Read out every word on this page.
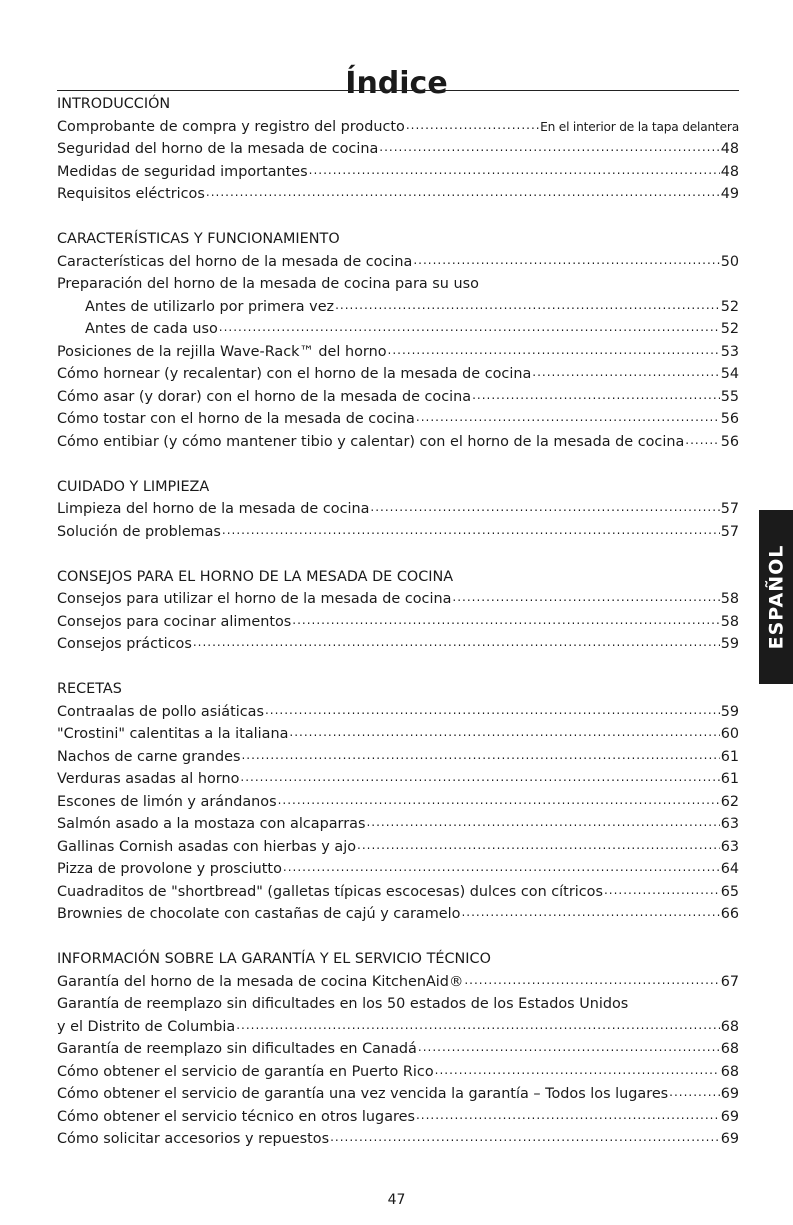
Índice
INTRODUCCIÓN
Comprobante de compra y registro del producto .....	En el interior de la tapa delantera
Seguridad del horno de la mesada de cocina .....	48
Medidas de seguridad importantes .....	48
Requisitos eléctricos .....	49
CARACTERÍSTICAS Y FUNCIONAMIENTO
Características del horno de la mesada de cocina .....	50
Preparación del horno de la mesada de cocina para su uso
Antes de utilizarlo por primera vez .....	52
Antes de cada uso .....	52
Posiciones de la rejilla Wave-Rack™ del horno .....	53
Cómo hornear (y recalentar) con el horno de la mesada de cocina .....	54
Cómo asar (y dorar) con el horno de la mesada de cocina .....	55
Cómo tostar con el horno de la mesada de cocina .....	56
Cómo entibiar (y cómo mantener tibio y calentar) con el horno de la mesada de cocina .....	56
CUIDADO Y LIMPIEZA
Limpieza del horno de la mesada de cocina .....	57
Solución de problemas .....	57
CONSEJOS PARA EL HORNO DE LA MESADA DE COCINA
Consejos para utilizar el horno de la mesada de cocina .....	58
Consejos para cocinar alimentos .....	58
Consejos prácticos .....	59
RECETAS
Contraalas de pollo asiáticas .....	59
"Crostini" calentitas a la italiana .....	60
Nachos de carne grandes .....	61
Verduras asadas al horno .....	61
Escones de limón y arándanos .....	62
Salmón asado a la mostaza con alcaparras .....	63
Gallinas Cornish asadas con hierbas y ajo .....	63
Pizza de provolone y prosciutto .....	64
Cuadraditos de "shortbread" (galletas típicas escocesas) dulces con cítricos .....	65
Brownies de chocolate con castañas de cajú y caramelo .....	66
INFORMACIÓN SOBRE LA GARANTÍA Y EL SERVICIO TÉCNICO
Garantía del horno de la mesada de cocina KitchenAid® .....	67
Garantía de reemplazo sin dificultades en los 50 estados de los Estados Unidos
y el Distrito de Columbia .....	68
Garantía de reemplazo sin dificultades en Canadá .....	68
Cómo obtener el servicio de garantía en Puerto Rico .....	68
Cómo obtener el servicio de garantía una vez vencida la garantía – Todos los lugares .....	69
Cómo obtener el servicio técnico en otros lugares .....	69
Cómo solicitar accesorios y repuestos .....	69
ESPAÑOL
47
